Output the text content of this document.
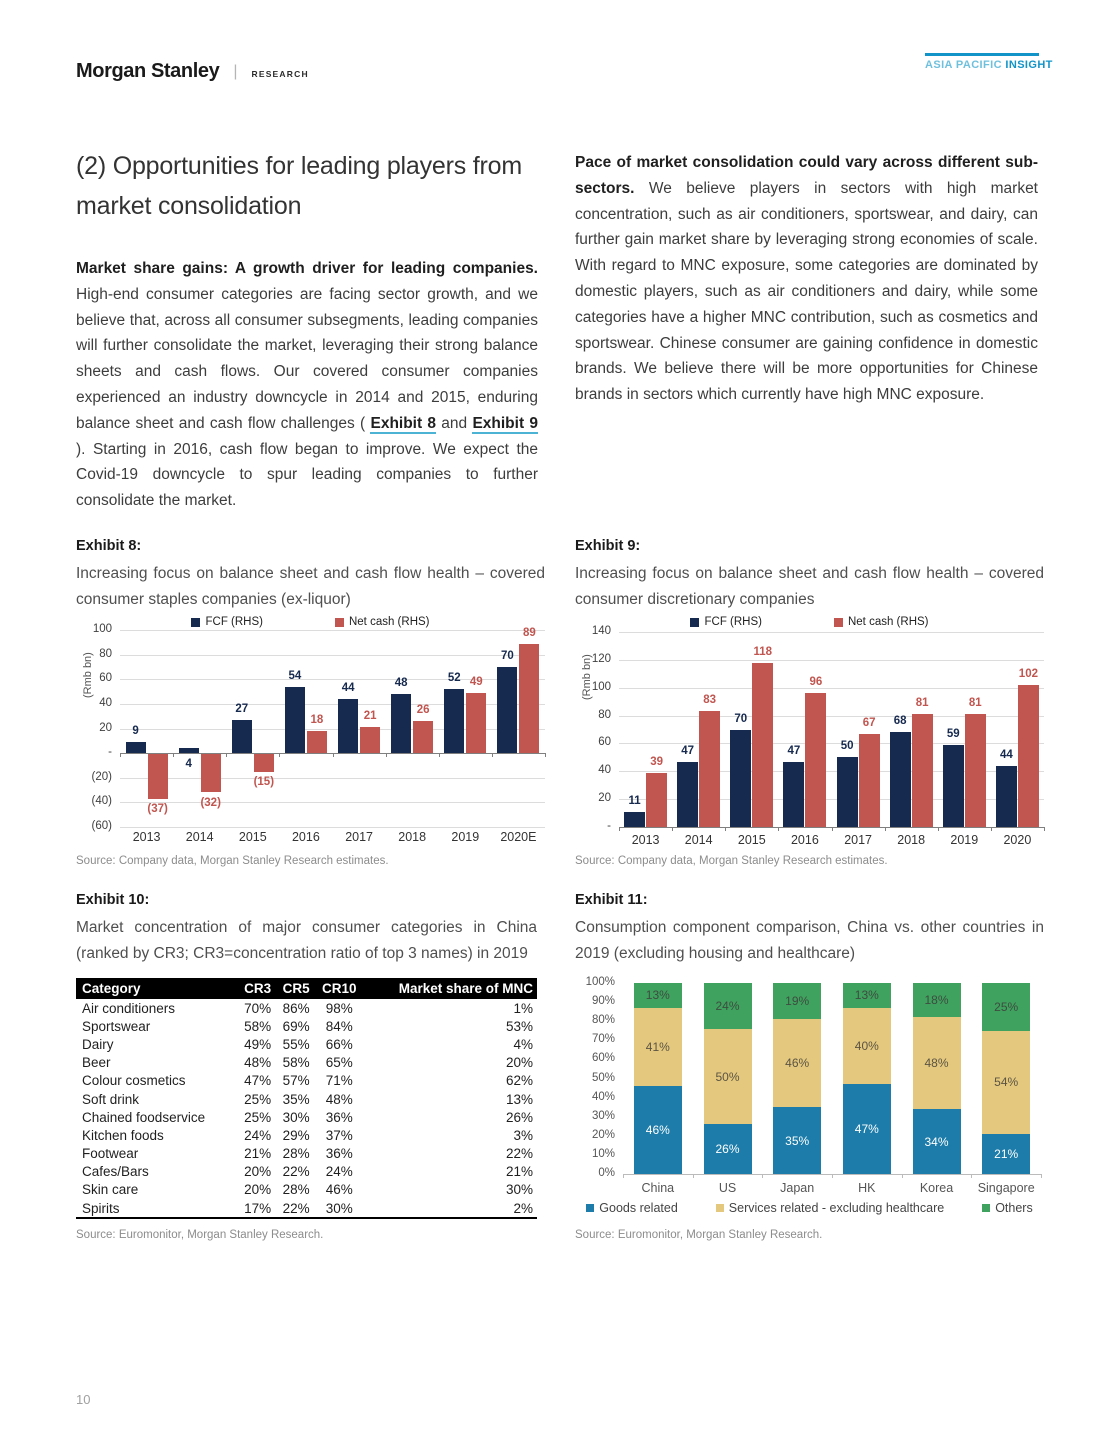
Morgan Stanley | RESEARCH
ASIA PACIFIC INSIGHT
(2) Opportunities for leading players from
market consolidation

Market share gains: A growth driver for leading companies. High-end consumer categories are facing sector growth, and we believe that, across all consumer subsegments, leading companies will further consolidate the market, leveraging their strong balance sheets and cash flows. Our covered consumer companies experienced an industry downcycle in 2014 and 2015, enduring balance sheet and cash flow challenges ( Exhibit 8 and Exhibit 9 ). Starting in 2016, cash flow began to improve. We expect the Covid-19 downcycle to spur leading companies to further consolidate the market.

Pace of market consolidation could vary across different sub-sectors. We believe players in sectors with high market concentration, such as air conditioners, sportswear, and dairy, can further gain market share by leveraging strong economies of scale. With regard to MNC exposure, some categories are dominated by domestic players, such as air conditioners and dairy, while some categories have a higher MNC contribution, such as cosmetics and sportswear. Chinese consumer are gaining confidence in domestic brands. We believe there will be more opportunities for Chinese brands in sectors which currently have high MNC exposure.

Exhibit 8:
Increasing focus on balance sheet and cash flow health – covered consumer staples companies (ex-liquor)
FCF (RHS)	Net cash (RHS)
100
80
60
40
20
-
(20)
(40)
(60)
(Rmb bn)
9
(37)
2013
4
(32)
2014
27
(15)
2015
54
18
2016
44
21
2017
48
26
2018
52 49
2019
70
89
2020E
Source: Company data, Morgan Stanley Research estimates.
Exhibit 9:
Increasing focus on balance sheet and cash flow health – covered consumer discretionary companies
FCF (RHS)	Net cash (RHS)
140
120
100
80
60
40
20
-
(Rmb bn)
11
39
2013
47
83
2014
70
118
2015
47
96
2016
50
67
2017
68
81
2018
59
81
2019
44
102
2020
Source: Company data, Morgan Stanley Research estimates.
Exhibit 10:
Market concentration of major consumer categories in China (ranked by CR3; CR3=concentration ratio of top 3 names) in 2019
Category	CR3	CR5	CR10	Market share of MNC
Air conditioners	70%	86%	98%	1%
Sportswear	58%	69%	84%	53%
Dairy	49%	55%	66%	4%
Beer	48%	58%	65%	20%
Colour cosmetics	47%	57%	71%	62%
Soft drink	25%	35%	48%	13%
Chained foodservice	25%	30%	36%	26%
Kitchen foods	24%	29%	37%	3%
Footwear	21%	28%	36%	22%
Cafes/Bars	20%	22%	24%	21%
Skin care	20%	28%	46%	30%
Spirits	17%	22%	30%	2%
Source: Euromonitor, Morgan Stanley Research.
Exhibit 11:
Consumption component comparison, China vs. other countries in 2019 (excluding housing and healthcare)
100%
90%
80%
70%
60%
50%
40%
30%
20%
10%
0%
46%
41%
13%
China
26%
50%
24%
US
35%
46%
19%
Japan
47%
40%
13%
HK
34%
48%
18%
Korea
21%
54%
25%
Singapore
Goods related	Services related - excluding healthcare	Others
Source: Euromonitor, Morgan Stanley Research.
10
